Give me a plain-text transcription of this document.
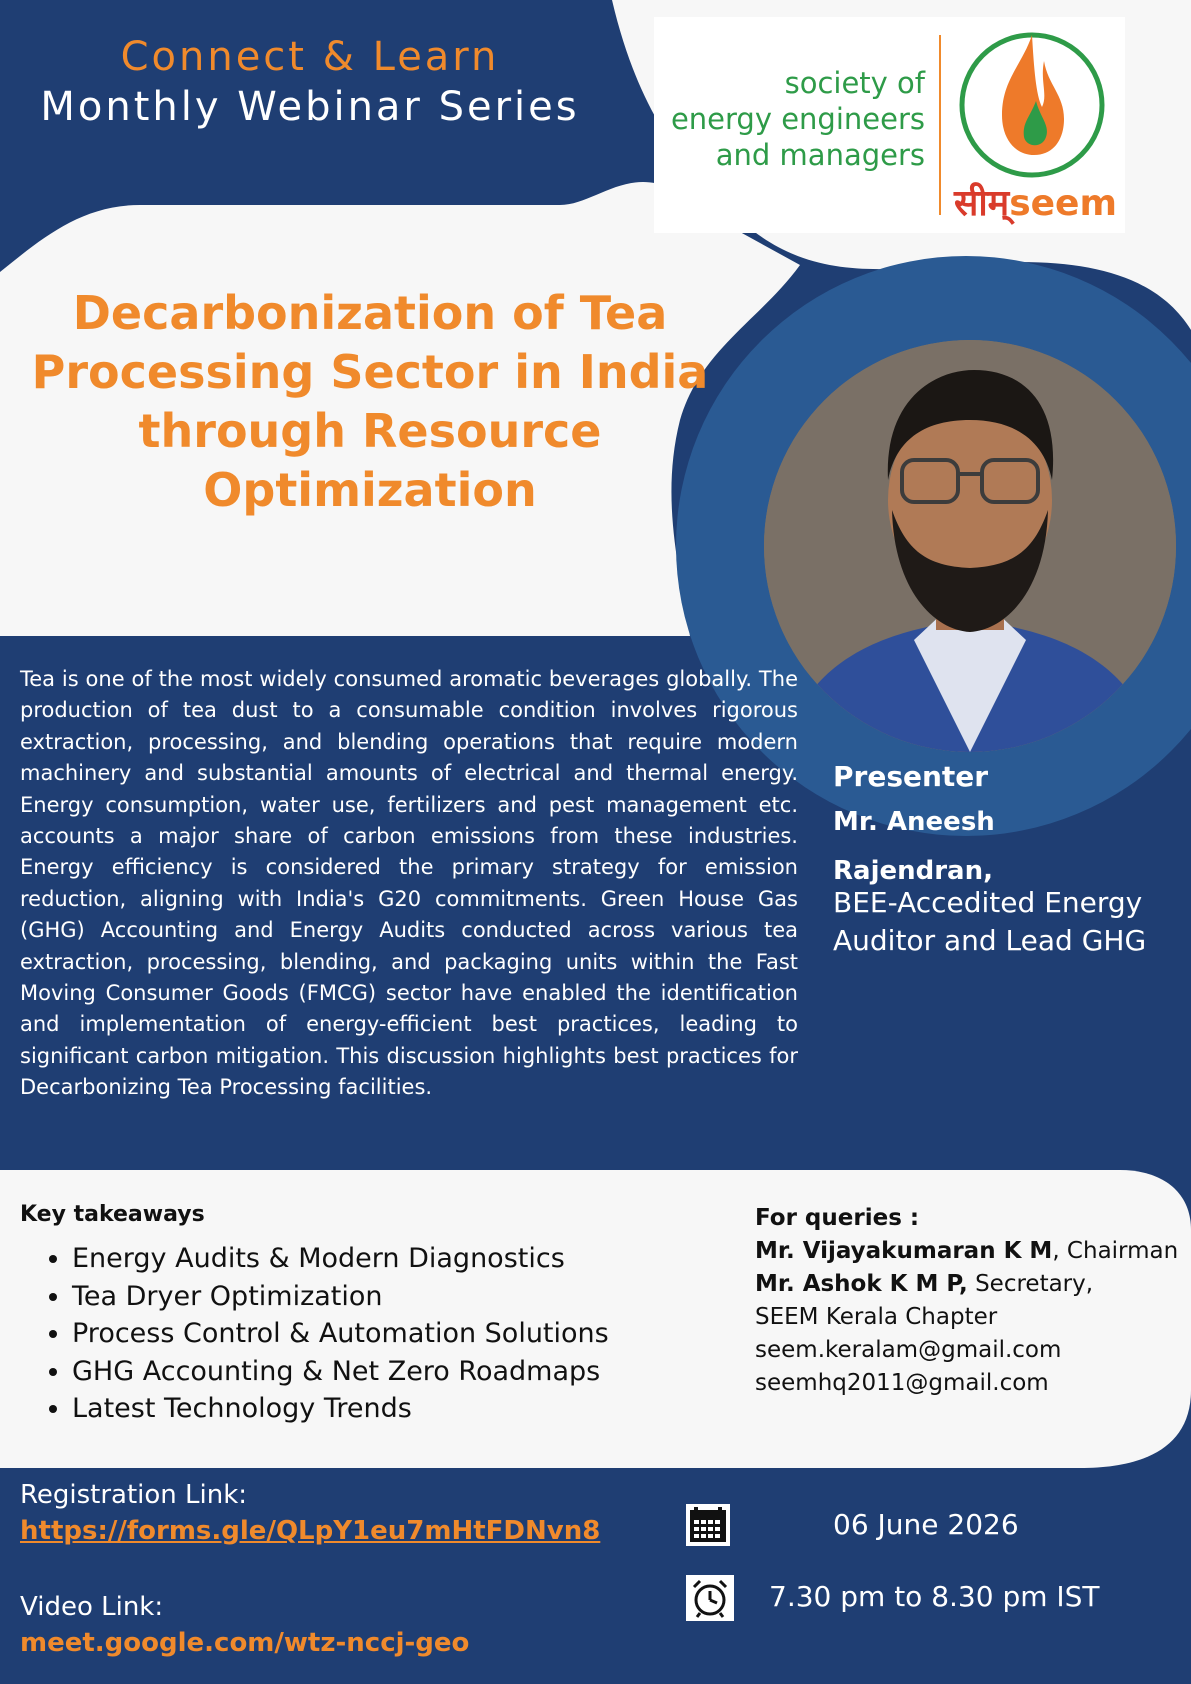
Connect & Learn
Monthly Webinar Series
society of
energy engineers
and managers
सीम्seem
Decarbonization of Tea Processing Sector in India through Resource Optimization
Tea is one of the most widely consumed aromatic beverages globally. The production of tea dust to a consumable condition involves rigorous extraction, processing, and blending operations that require modern machinery and substantial amounts of electrical and thermal energy. Energy consumption, water use, fertilizers and pest management etc. accounts a major share of carbon emissions from these industries. Energy efficiency is considered the primary strategy for emission reduction, aligning with India's G20 commitments. Green House Gas (GHG) Accounting and Energy Audits conducted across various tea extraction, processing, blending, and packaging units within the Fast Moving Consumer Goods (FMCG) sector have enabled the identification and implementation of energy-efficient best practices, leading to significant carbon mitigation. This discussion highlights best practices for Decarbonizing Tea Processing facilities.
Presenter
Mr. Aneesh Rajendran,
BEE-Accedited Energy Auditor and Lead GHG
Key takeaways
• Energy Audits & Modern Diagnostics
• Tea Dryer Optimization
• Process Control & Automation Solutions
• GHG Accounting & Net Zero Roadmaps
• Latest Technology Trends
For queries :
Mr. Vijayakumaran K M, Chairman
Mr. Ashok K M P, Secretary,
SEEM Kerala Chapter
seem.keralam@gmail.com
seemhq2011@gmail.com
Registration Link:
https://forms.gle/QLpY1eu7mHtFDNvn8
Video Link:
meet.google.com/wtz-nccj-geo
06 June 2026
7.30 pm to 8.30 pm IST
